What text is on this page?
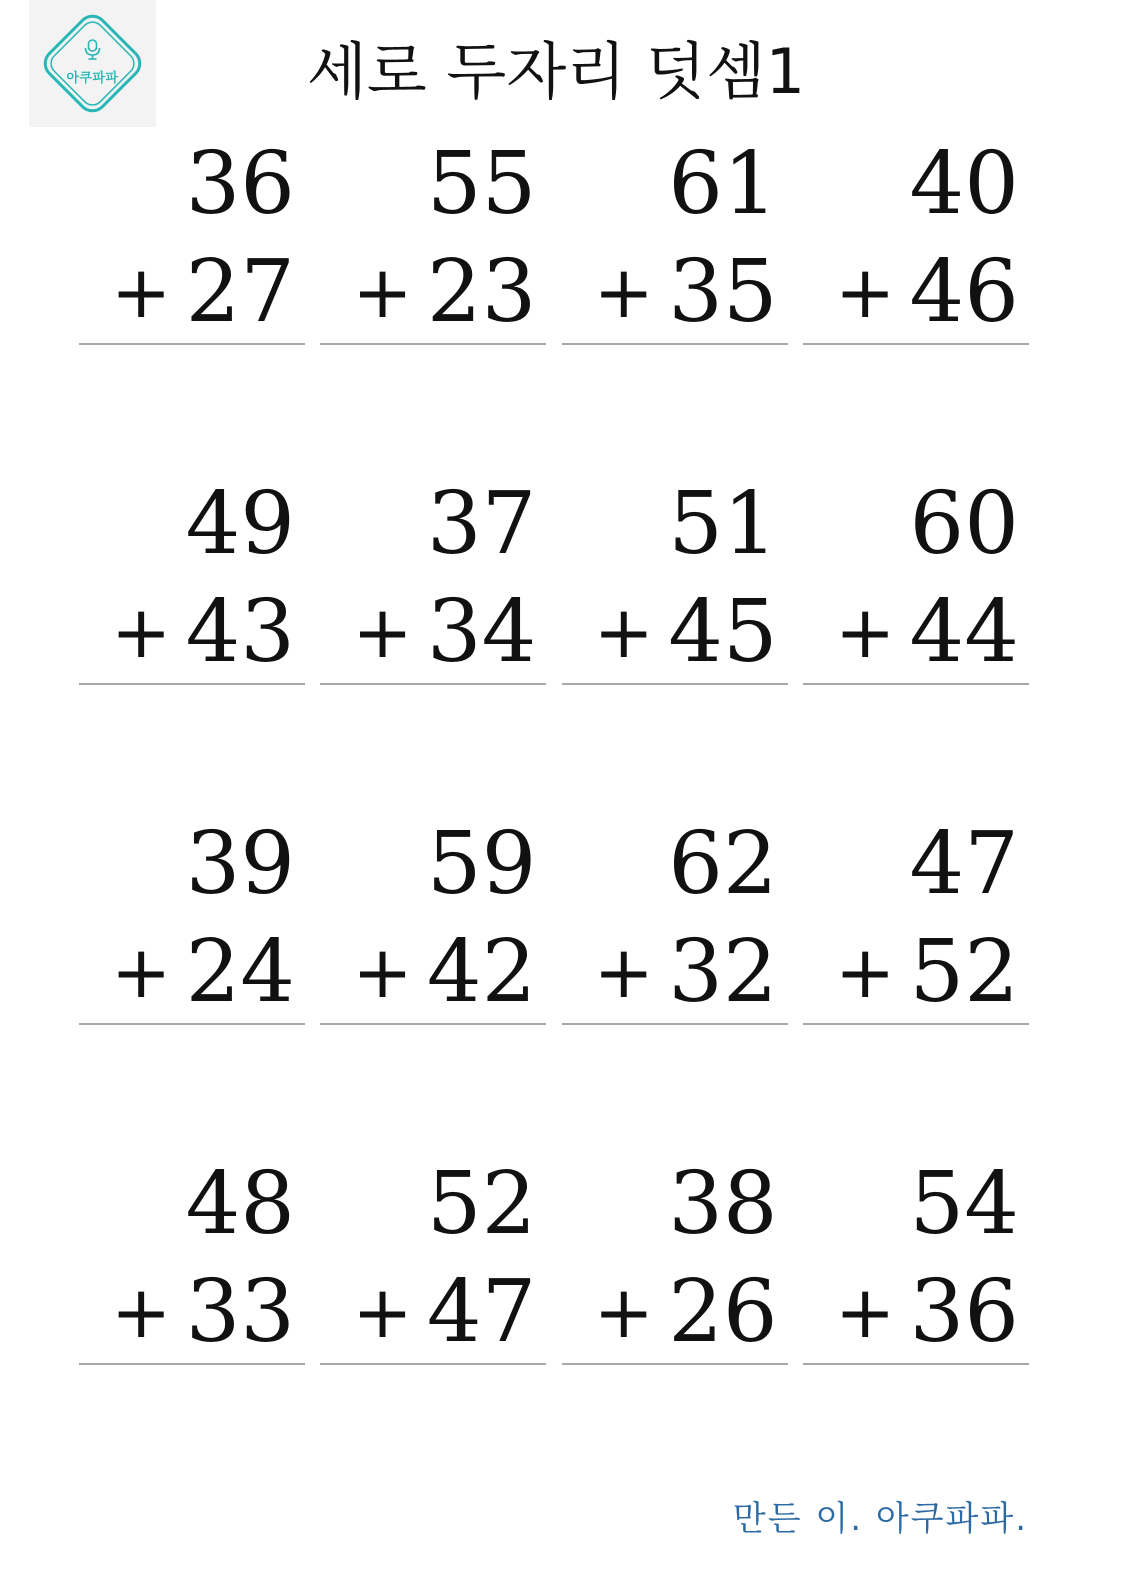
아쿠파파	세로 두자리 덧셈1
36
+ 27
55
+ 23
61
+ 35
40
+ 46
49
+ 43
37
+ 34
51
+ 45
60
+ 44
39
+ 24
59
+ 42
62
+ 32
47
+ 52
48
+ 33
52
+ 47
38
+ 26
54
+ 36
만든 이. 아쿠파파.
